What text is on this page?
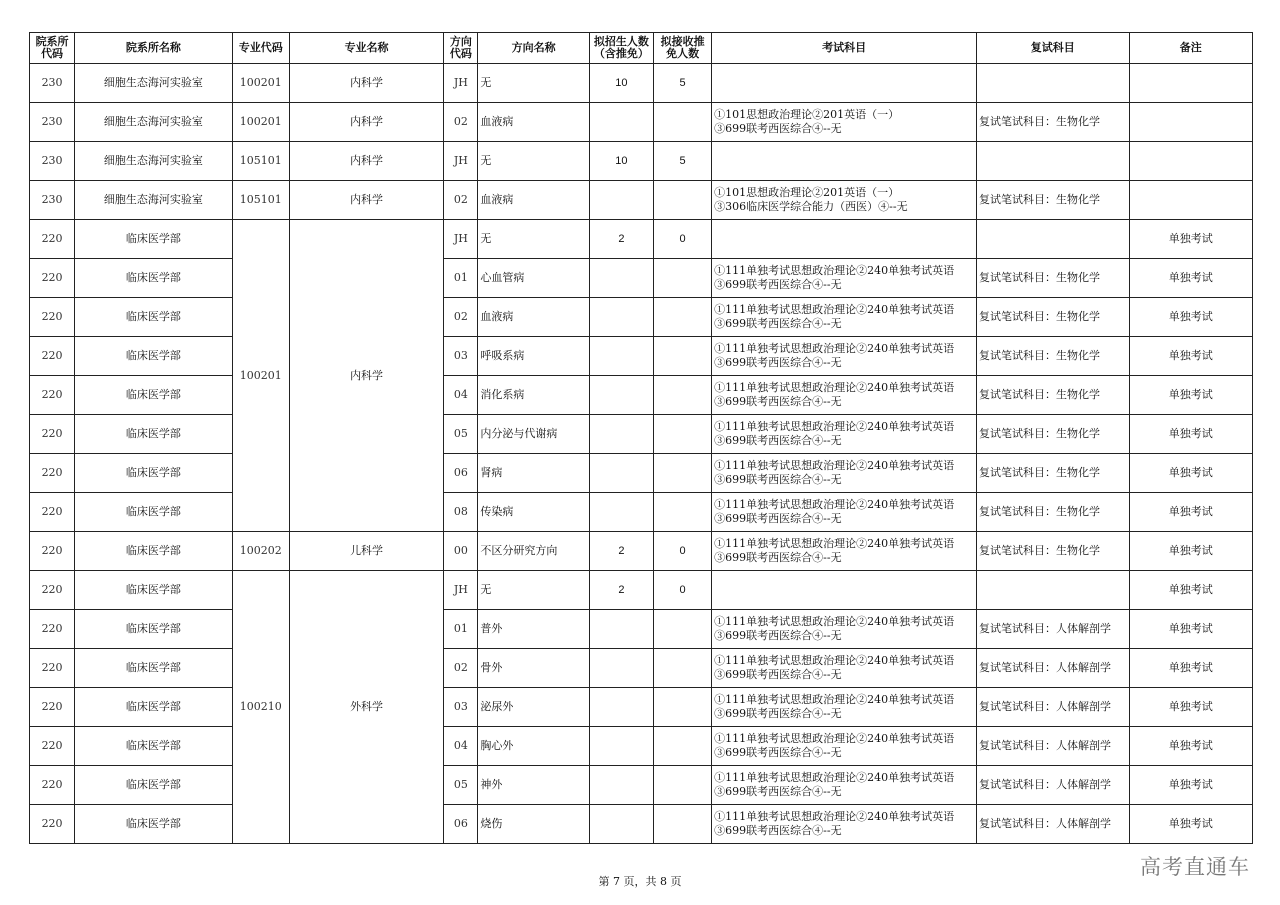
院系所代码	院系所名称	专业代码	专业名称	方向代码	方向名称	拟招生人数（含推免）	拟接收推免人数	考试科目	复试科目	备注
230	细胞生态海河实验室	100201	内科学	JH	无	10	5			
230	细胞生态海河实验室	100201	内科学	02	血液病			①101思想政治理论②201英语（一）
③699联考西医综合④--无	复试笔试科目：生物化学	
230	细胞生态海河实验室	105101	内科学	JH	无	10	5			
230	细胞生态海河实验室	105101	内科学	02	血液病			①101思想政治理论②201英语（一）
③306临床医学综合能力（西医）④--无	复试笔试科目：生物化学	
220	临床医学部	100201	内科学	JH	无	2	0			单独考试
220	临床医学部			01	心血管病			①111单独考试思想政治理论②240单独考试英语
③699联考西医综合④--无	复试笔试科目：生物化学	单独考试
220	临床医学部			02	血液病			①111单独考试思想政治理论②240单独考试英语
③699联考西医综合④--无	复试笔试科目：生物化学	单独考试
220	临床医学部			03	呼吸系病			①111单独考试思想政治理论②240单独考试英语
③699联考西医综合④--无	复试笔试科目：生物化学	单独考试
220	临床医学部			04	消化系病			①111单独考试思想政治理论②240单独考试英语
③699联考西医综合④--无	复试笔试科目：生物化学	单独考试
220	临床医学部			05	内分泌与代谢病			①111单独考试思想政治理论②240单独考试英语
③699联考西医综合④--无	复试笔试科目：生物化学	单独考试
220	临床医学部			06	肾病			①111单独考试思想政治理论②240单独考试英语
③699联考西医综合④--无	复试笔试科目：生物化学	单独考试
220	临床医学部			08	传染病			①111单独考试思想政治理论②240单独考试英语
③699联考西医综合④--无	复试笔试科目：生物化学	单独考试
220	临床医学部	100202	儿科学	00	不区分研究方向	2	0	①111单独考试思想政治理论②240单独考试英语
③699联考西医综合④--无	复试笔试科目：生物化学	单独考试
220	临床医学部	100210	外科学	JH	无	2	0			单独考试
220	临床医学部			01	普外			①111单独考试思想政治理论②240单独考试英语
③699联考西医综合④--无	复试笔试科目：人体解剖学	单独考试
220	临床医学部			02	骨外			①111单独考试思想政治理论②240单独考试英语
③699联考西医综合④--无	复试笔试科目：人体解剖学	单独考试
220	临床医学部			03	泌尿外			①111单独考试思想政治理论②240单独考试英语
③699联考西医综合④--无	复试笔试科目：人体解剖学	单独考试
220	临床医学部			04	胸心外			①111单独考试思想政治理论②240单独考试英语
③699联考西医综合④--无	复试笔试科目：人体解剖学	单独考试
220	临床医学部			05	神外			①111单独考试思想政治理论②240单独考试英语
③699联考西医综合④--无	复试笔试科目：人体解剖学	单独考试
220	临床医学部			06	烧伤			①111单独考试思想政治理论②240单独考试英语
③699联考西医综合④--无	复试笔试科目：人体解剖学	单独考试
第 7 页，共 8 页
高考直通车
